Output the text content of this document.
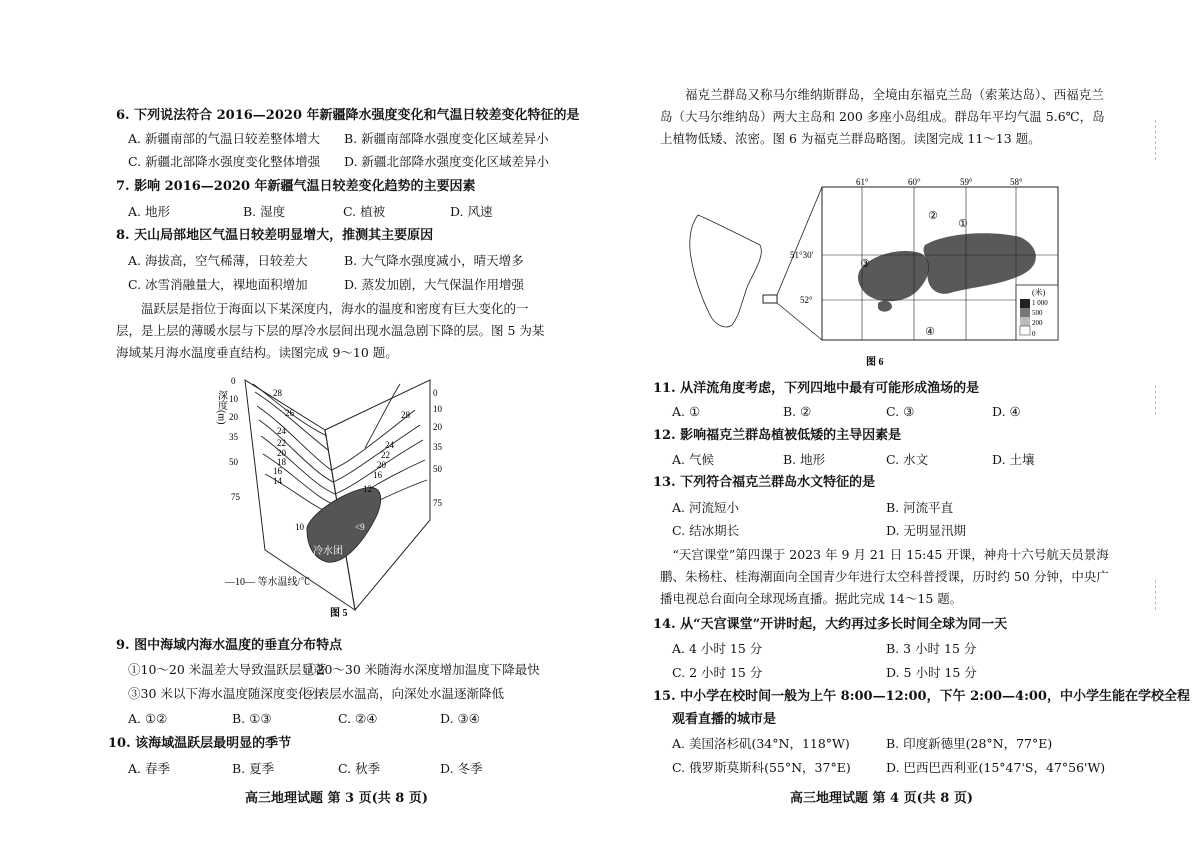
6. 下列说法符合 2016—2020 年新疆降水强度变化和气温日较差变化特征的是
A. 新疆南部的气温日较差整体增大 B. 新疆南部降水强度变化区域差异小
C. 新疆北部降水强度变化整体增强 D. 新疆北部降水强度变化区域差异小
7. 影响 2016—2020 年新疆气温日较差变化趋势的主要因素
A. 地形	B. 湿度	C. 植被	D. 风速
8. 天山局部地区气温日较差明显增大，推测其主要原因
A. 海拔高，空气稀薄，日较差大	B. 大气降水强度减小，晴天增多
C. 冰雪消融量大，裸地面积增加	D. 蒸发加剧，大气保温作用增强
温跃层是指位于海面以下某深度内，海水的温度和密度有巨大变化的一层，是上层的薄暖水层与下层的厚冷水层间出现水温急剧下降的层。图 5 为某海域某月海水温度垂直结构。读图完成 9～10 题。
深度(m)
冷水团
0
10
20
35
50
75
0
10
20
35
50
75
28
26
24
22
20
18
16
14
10
28
24
22
20
16
12
<9
—10— 等水温线/℃
图 5
9. 图中海域内海水温度的垂直分布特点
①10～20 米温差大导致温跃层显著
②20～30 米随海水深度增加温度下降最快
③30 米以下海水温度随深度变化小
④表层水温高，向深处水温逐渐降低
A. ①②	B. ①③	C. ②④	D. ③④
10. 该海域温跃层最明显的季节
A. 春季	B. 夏季	C. 秋季	D. 冬季
高三地理试题 第 3 页(共 8 页)
福克兰群岛又称马尔维纳斯群岛，全境由东福克兰岛（索莱达岛）、西福克兰岛（大马尔维纳岛）两大主岛和 200 多座小岛组成。群岛年平均气温 5.6℃，岛上植物低矮、浓密。图 6 为福克兰群岛略图。读图完成 11～13 题。
61°	60°	59°	58°
51°30'
52°
①
②
③
④
(米)
1 000
500
200
0
图 6
11. 从洋流角度考虑，下列四地中最有可能形成渔场的是
A. ①	B. ②	C. ③	D. ④
12. 影响福克兰群岛植被低矮的主导因素是
A. 气候	B. 地形	C. 水文	D. 土壤
13. 下列符合福克兰群岛水文特征的是
A. 河流短小	B. 河流平直
C. 结冰期长	D. 无明显汛期
“天宫课堂”第四课于 2023 年 9 月 21 日 15:45 开课，神舟十六号航天员景海鹏、朱杨柱、桂海潮面向全国青少年进行太空科普授课，历时约 50 分钟，中央广播电视总台面向全球现场直播。据此完成 14～15 题。
14. 从“天宫课堂”开讲时起，大约再过多长时间全球为同一天
A. 4 小时 15 分	B. 3 小时 15 分
C. 2 小时 15 分	D. 5 小时 15 分
15. 中小学在校时间一般为上午 8:00—12:00，下午 2:00—4:00，中小学生能在学校全程
观看直播的城市是
A. 美国洛杉矶(34°N，118°W)	B. 印度新德里(28°N，77°E)
C. 俄罗斯莫斯科(55°N，37°E)	D. 巴西巴西利亚(15°47'S，47°56'W)
高三地理试题 第 4 页(共 8 页)
